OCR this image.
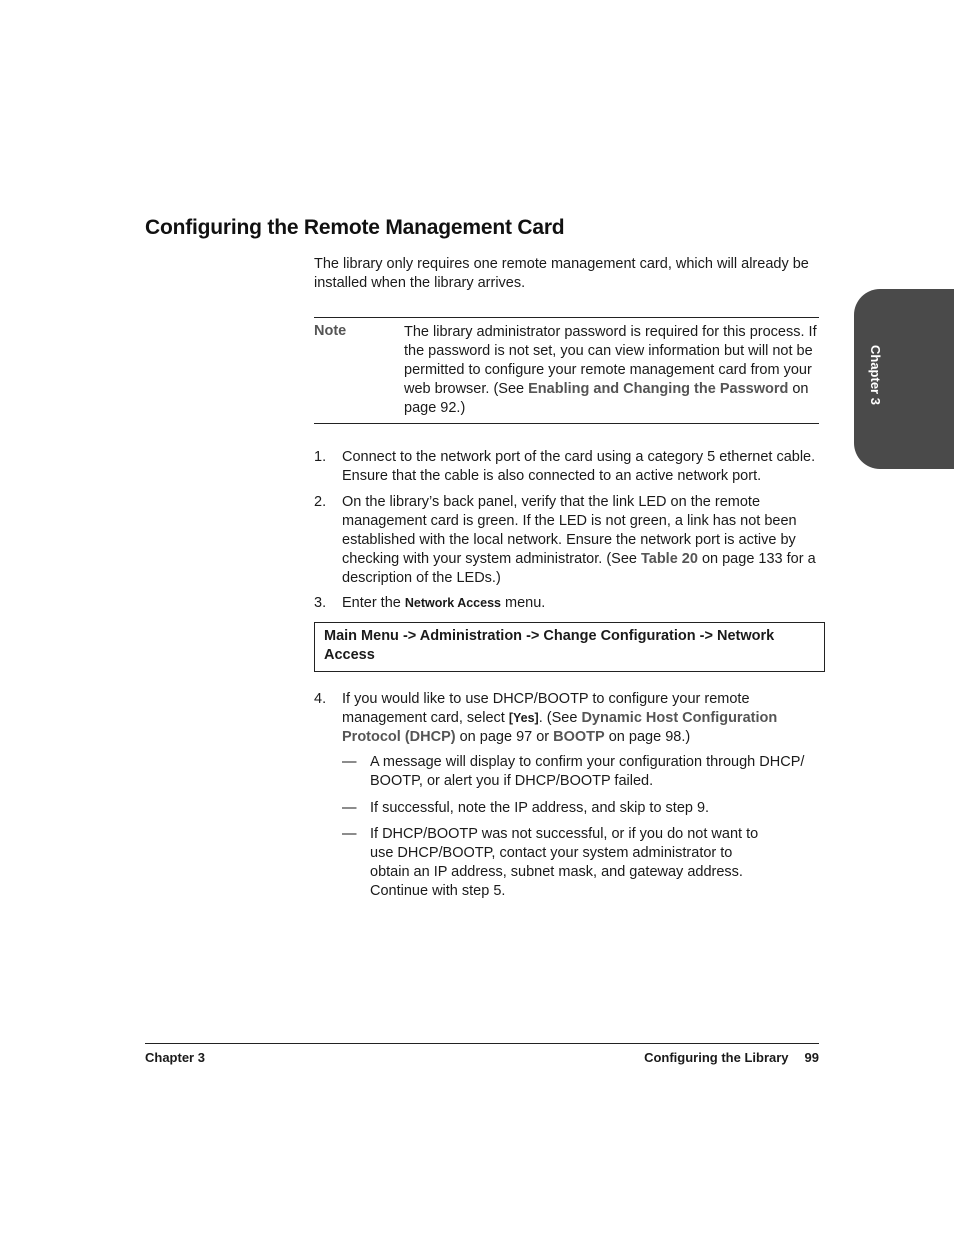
Configuring the Remote Management Card
The library only requires one remote management card, which will already be installed when the library arrives.
Note	The library administrator password is required for this process. If the password is not set, you can view information but will not be permitted to configure your remote management card from your web browser. (See Enabling and Changing the Password on page 92.)
1. Connect to the network port of the card using a category 5 ethernet cable. Ensure that the cable is also connected to an active network port.
2. On the library’s back panel, verify that the link LED on the remote management card is green. If the LED is not green, a link has not been established with the local network. Ensure the network port is active by checking with your system administrator. (See Table 20 on page 133 for a description of the LEDs.)
3. Enter the Network Access menu.
Main Menu -> Administration -> Change Configuration -> Network Access
4. If you would like to use DHCP/BOOTP to configure your remote management card, select [Yes]. (See Dynamic Host Configuration Protocol (DHCP) on page 97 or BOOTP on page 98.)
— A message will display to confirm your configuration through DHCP/ BOOTP, or alert you if DHCP/BOOTP failed.
— If successful, note the IP address, and skip to step 9.
— If DHCP/BOOTP was not successful, or if you do not want to use DHCP/BOOTP, contact your system administrator to obtain an IP address, subnet mask, and gateway address. Continue with step 5.
Chapter 3	Configuring the Library 99
Chapter 3
